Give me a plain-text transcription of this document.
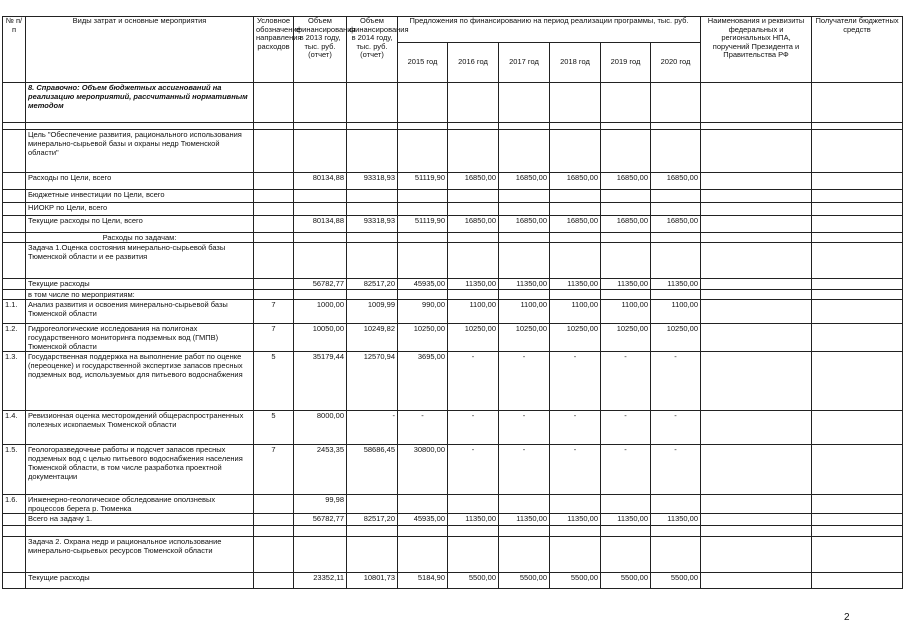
№ п/п	Виды затрат и основные мероприятия	Условное обозначение направления расходов	Объем финансирования в 2013 году, тыс. руб. (отчет)	Объем финансирования в 2014 году, тыс. руб. (отчет)	Предложения по финансированию на период реализации программы, тыс. руб.						Наименования и реквизиты федеральных и региональных НПА, поручений Президента и Правительства РФ	Получатели бюджетных средств
					2015 год	2016 год	2017 год	2018 год	2019 год	2020 год		
	8. Справочно: Объем бюджетных ассигнований на реализацию мероприятий, рассчитанный нормативным методом											

	Цель "Обеспечение развития, рационального использования минерально-сырьевой базы и охраны недр Тюменской области"											
	Расходы по Цели, всего		80134,88	93318,93	51119,90	16850,00	16850,00	16850,00	16850,00	16850,00		
	Бюджетные инвестиции по Цели, всего											
	НИОКР по Цели, всего											
	Текущие расходы по Цели, всего		80134,88	93318,93	51119,90	16850,00	16850,00	16850,00	16850,00	16850,00		
	Расходы по задачам:											
	Задача 1.Оценка состояния минерально-сырьевой базы Тюменской области и ее развития											
	Текущие расходы		56782,77	82517,20	45935,00	11350,00	11350,00	11350,00	11350,00	11350,00		
	в том числе по мероприятиям:											
1.1.	Анализ развития и освоения минерально-сырьевой базы Тюменской области	7	1000,00	1009,99	990,00	1100,00	1100,00	1100,00	1100,00	1100,00		
1.2.	Гидрогеологические исследования на полигонах государственного мониторинга подземных вод (ГМПВ) Тюменской области	7	10050,00	10249,82	10250,00	10250,00	10250,00	10250,00	10250,00	10250,00		
1.3.	Государственная поддержка на выполнение работ по оценке (переоценке) и государственной экспертизе запасов пресных подземных вод, используемых для питьевого водоснабжения	5	35179,44	12570,94	3695,00	-	-	-	-	-		
1.4.	Ревизионная оценка месторождений общераспространенных полезных ископаемых Тюменской области	5	8000,00	-	-	-	-	-	-	-		
1.5.	Геологоразведочные работы и подсчет запасов пресных подземных вод с целью питьевого водоснабжения населения Тюменской области, в том числе разработка проектной документации	7	2453,35	58686,45	30800,00	-	-	-	-	-		
1.6.	Инженерно-геологическое обследование оползневых процессов берега р. Тюменка		99,98									
	Всего на задачу 1.		56782,77	82517,20	45935,00	11350,00	11350,00	11350,00	11350,00	11350,00		

	Задача 2. Охрана недр и рациональное использование минерально-сырьевых ресурсов Тюменской области											
	Текущие расходы		23352,11	10801,73	5184,90	5500,00	5500,00	5500,00	5500,00	5500,00		
2
